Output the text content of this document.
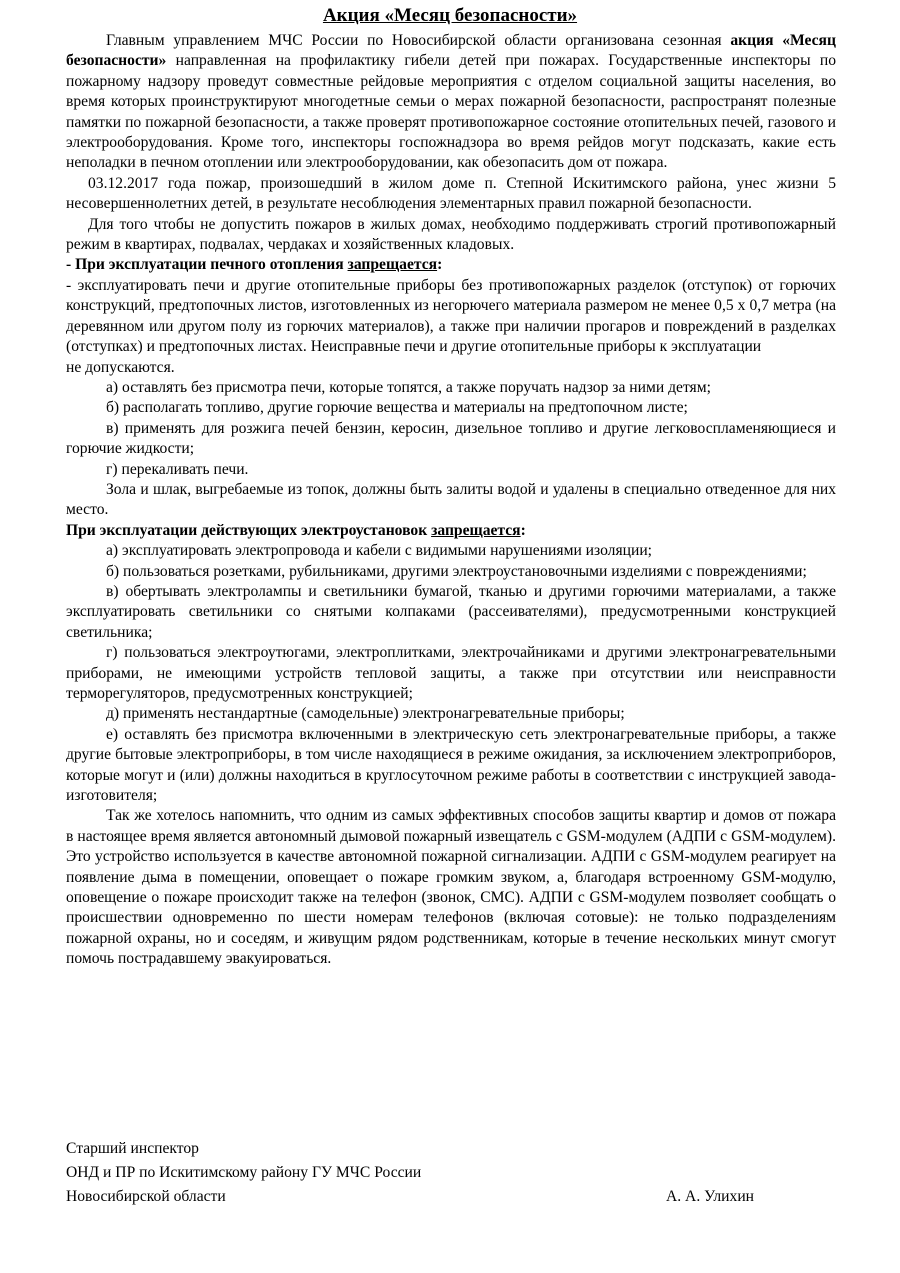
Акция «Месяц безопасности»

Главным управлением МЧС России по Новосибирской области организована сезонная акция «Месяц безопасности» направленная на профилактику гибели детей при пожарах. Государственные инспекторы по пожарному надзору проведут совместные рейдовые мероприятия с отделом социальной защиты населения, во время которых проинструктируют многодетные семьи о мерах пожарной безопасности, распространят полезные памятки по пожарной безопасности, а также проверят противопожарное состояние отопительных печей, газового и электрооборудования. Кроме того, инспекторы госпожнадзора во время рейдов могут подсказать, какие есть неполадки в печном отоплении или электрооборудовании, как обезопасить дом от пожара.

03.12.2017 года пожар, произошедший в жилом доме п. Степной Искитимского района, унес жизни 5 несовершеннолетних детей, в результате несоблюдения элементарных правил пожарной безопасности.

Для того чтобы не допустить пожаров в жилых домах, необходимо поддерживать строгий противопожарный режим в квартирах, подвалах, чердаках и хозяйственных кладовых.

- При эксплуатации печного отопления запрещается:

- эксплуатировать печи и другие отопительные приборы без противопожарных разделок (отступок) от горючих конструкций, предтопочных листов, изготовленных из негорючего материала размером не менее 0,5 х 0,7 метра (на деревянном или другом полу из горючих материалов), а также при наличии прогаров и повреждений в разделках (отступках) и предтопочных листах. Неисправные печи и другие отопительные приборы к эксплуатации

не допускаются.

а) оставлять без присмотра печи, которые топятся, а также поручать надзор за ними детям;

б) располагать топливо, другие горючие вещества и материалы на предтопочном листе;

в) применять для розжига печей бензин, керосин, дизельное топливо и другие легковоспламеняющиеся и горючие жидкости;

г) перекаливать печи.

Зола и шлак, выгребаемые из топок, должны быть залиты водой и удалены в специально отведенное для них место.

При эксплуатации действующих электроустановок запрещается:

а) эксплуатировать электропровода и кабели с видимыми нарушениями изоляции;

б) пользоваться розетками, рубильниками, другими электроустановочными изделиями с повреждениями;

в) обертывать электролампы и светильники бумагой, тканью и другими горючими материалами, а также эксплуатировать светильники со снятыми колпаками (рассеивателями), предусмотренными конструкцией светильника;

г) пользоваться электроутюгами, электроплитками, электрочайниками и другими электронагревательными приборами, не имеющими устройств тепловой защиты, а также при отсутствии или неисправности терморегуляторов, предусмотренных конструкцией;

д) применять нестандартные (самодельные) электронагревательные приборы;

е) оставлять без присмотра включенными в электрическую сеть электронагревательные приборы, а также другие бытовые электроприборы, в том числе находящиеся в режиме ожидания, за исключением электроприборов, которые могут и (или) должны находиться в круглосуточном режиме работы в соответствии с инструкцией завода-изготовителя;

Так же хотелось напомнить, что одним из самых эффективных способов защиты квартир и домов от пожара в настоящее время является автономный дымовой пожарный извещатель с GSM-модулем (АДПИ с GSM-модулем). Это устройство используется в качестве автономной пожарной сигнализации. АДПИ с GSM-модулем реагирует на появление дыма в помещении, оповещает о пожаре громким звуком, а, благодаря встроенному GSM-модулю, оповещение о пожаре происходит также на телефон (звонок, СМС). АДПИ с GSM-модулем позволяет сообщать о происшествии одновременно по шести номерам телефонов (включая сотовые): не только подразделениям пожарной охраны, но и соседям, и живущим рядом родственникам, которые в течение нескольких минут смогут помочь пострадавшему эвакуироваться.

Старший инспектор
ОНД и ПР по Искитимскому району ГУ МЧС России
Новосибирской области	А. А. Улихин
